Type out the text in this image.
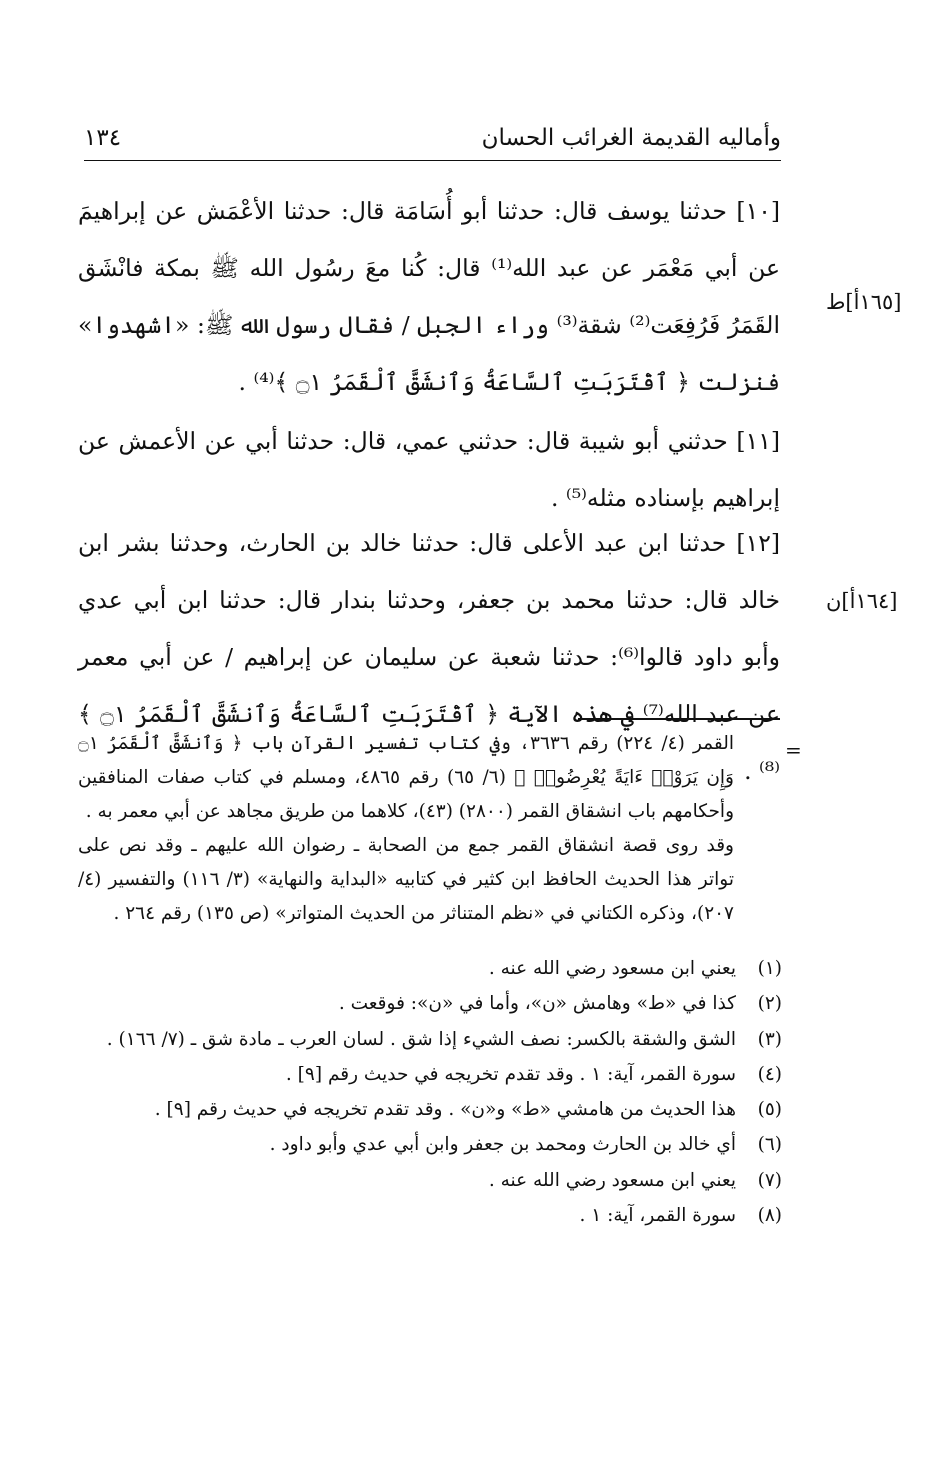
١٣٤	وأماليه القديمة الغرائب الحسان
[١٦٥أ]ط
[١٦٤أ]ن

[١٠] حدثنا يوسف قال: حدثنا أبو أُسَامَة قال: حدثنا الأعْمَش عن إبراهيمَ عن أبي مَعْمَر عن عبد الله⁽¹⁾ قال: كُنا معَ رسُول الله ﷺ بمكة فانْشَق القَمَرُ فَرُفِعَت⁽²⁾ شقة⁽³⁾ وراء الجبل / فقال رسول الله ﷺ: «اشهدوا» فنزلت ﴿ ٱقْتَرَبَتِ ٱلسَّاعَةُ وَٱنشَقَّ ٱلْقَمَرُ ۝١ ﴾⁽⁴⁾ .

[١١] حدثني أبو شيبة قال: حدثني عمي، قال: حدثنا أبي عن الأعمش عن إبراهيم بإسناده مثله⁽⁵⁾ .

[١٢] حدثنا ابن عبد الأعلى قال: حدثنا خالد بن الحارث، وحدثنا بشر ابن خالد قال: حدثنا محمد بن جعفر، وحدثنا بندار قال: حدثنا ابن أبي عدي وأبو داود قالوا⁽⁶⁾: حدثنا شعبة عن سليمان عن إبراهيم / عن أبي معمر عن عبد الله⁽⁷⁾ في هذه الآية ﴿ ٱقْتَرَبَتِ ٱلسَّاعَةُ وَٱنشَقَّ ٱلْقَمَرُ ۝١ ﴾⁽⁸⁾ .

=

القمر (٤/ ٢٢٤) رقم ٣٦٣٦، وفي كتاب تفسير القرآن باب ﴿ وَٱنشَقَّ ٱلْقَمَرُ ۝١ وَإِن يَرَوْا۟ ءَايَةً يُعْرِضُوا۟ ﴾ (٦/ ٦٥) رقم ٤٨٦٥، ومسلم في كتاب صفات المنافقين وأحكامهم باب انشقاق القمر (٢٨٠٠) (٤٣)، كلاهما من طريق مجاهد عن أبي معمر به .

وقد روى قصة انشقاق القمر جمع من الصحابة ـ رضوان الله عليهم ـ وقد نص على تواتر هذا الحديث الحافظ ابن كثير في كتابيه «البداية والنهاية» (٣/ ١١٦) والتفسير (٤/ ٢٠٧)، وذكره الكتاني في «نظم المتناثر من الحديث المتواتر» (ص ١٣٥) رقم ٢٦٤ .

(١)
يعني ابن مسعود رضي الله عنه .
(٢)
كذا في «ط» وهامش «ن»، وأما في «ن»: فوقعت .
(٣)
الشق والشقة بالكسر: نصف الشيء إذا شق . لسان العرب ـ مادة شق ـ (٧/ ١٦٦) .
(٤)
سورة القمر، آية: ١ . وقد تقدم تخريجه في حديث رقم [٩] .
(٥)
هذا الحديث من هامشي «ط» و«ن» . وقد تقدم تخريجه في حديث رقم [٩] .
(٦)
أي خالد بن الحارث ومحمد بن جعفر وابن أبي عدي وأبو داود .
(٧)
يعني ابن مسعود رضي الله عنه .
(٨)
سورة القمر، آية: ١ .
